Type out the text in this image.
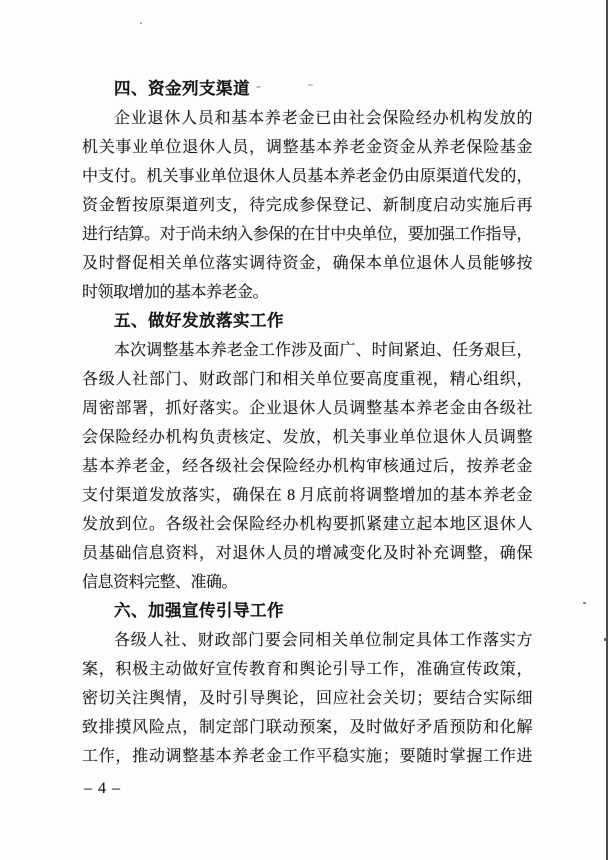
四、资金列支渠道
企业退休人员和基本养老金已由社会保险经办机构发放的
机关事业单位退休人员，调整基本养老金资金从养老保险基金
中支付。机关事业单位退休人员基本养老金仍由原渠道代发的，
资金暂按原渠道列支，待完成参保登记、新制度启动实施后再
进行结算。对于尚未纳入参保的在甘中央单位，要加强工作指导，
及时督促相关单位落实调待资金，确保本单位退休人员能够按
时领取增加的基本养老金。
五、做好发放落实工作
本次调整基本养老金工作涉及面广、时间紧迫、任务艰巨，
各级人社部门、财政部门和相关单位要高度重视，精心组织，
周密部署，抓好落实。企业退休人员调整基本养老金由各级社
会保险经办机构负责核定、发放，机关事业单位退休人员调整
基本养老金，经各级社会保险经办机构审核通过后，按养老金
支付渠道发放落实，确保在 8 月底前将调整增加的基本养老金
发放到位。各级社会保险经办机构要抓紧建立起本地区退休人
员基础信息资料，对退休人员的增减变化及时补充调整，确保
信息资料完整、准确。
六、加强宣传引导工作
各级人社、财政部门要会同相关单位制定具体工作落实方
案，积极主动做好宣传教育和舆论引导工作，准确宣传政策，
密切关注舆情，及时引导舆论，回应社会关切；要结合实际细
致排摸风险点，制定部门联动预案，及时做好矛盾预防和化解
工作，推动调整基本养老金工作平稳实施；要随时掌握工作进
– 4 –
